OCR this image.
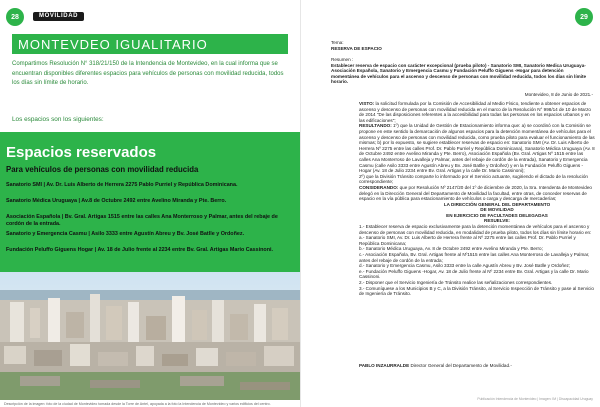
28	MOVILIDAD
MONTEVDEO IGUALITARIO
Compartimos Resolución N° 318/21/150 de la Intendencia de Montevideo, en la cual informa que se encuentran disponibles diferentes espacios para vehículos de personas con movilidad reducida, todos los días sin límite de horario.
Los espacios son los siguientes:
Espacios reservados
Para vehículos de personas con movilidad reducida
Sanatorio SMI | Av. Dr. Luis Alberto de Herrera 2275 Pablo Purriel y República Dominicana.
Sanatorio Médica Uruguaya | Av.8 de Octubre 2492 entre Avelino Miranda y Pte. Berro.
Asociación Española | Bv. Gral. Artigas 1515 entre las calles Ana Monterroso y Palmar, antes del rebaje de cordón de la entrada.
Sanatorio y Emergencia Casmu | Asilo 3333 entre Agustín Abreu y Bv. José Batlle y Ordoñez.
Fundación Peluffo Giguens Hogar | Av. 18 de Julio frente al 2234 entre Bv. Gral. Artigas Mario Cassinoni.
Descripción de la imagen: foto de la ciudad de Montevideo tomada desde la Torre de Antel, apoyada a la foto la Intendencia de Montevideo y varios edificios del centro.
29
Tema:
RESERVA DE ESPACIO
Resumen :
Establecer reserva de espacio con carácter excepcional (prueba piloto) - Sanatorio SMI, Sanatorio Medica Uruguaya- Asociación Española, Sanatorio y Emergencia Casmu y Fundación Peluffo Giguens -Hogar para detención momentánea de vehículos para el ascenso y descenso de personas con movilidad reducida, todos los días sin límite horario.
Montevideo, 8 de Junio de 2021.-
VISTO: la solicitud formulada por la Comisión de Accesibilidad al Medio Físico, tendiente a obtener espacios de ascenso y descenso de personas con movilidad reducida en el marco de la Resolución N° 998/14 de 10 de Marzo de 2014 "De las disposiciones referentes a la accesibilidad para todas las personas en los espacios urbanos y en las edificaciones";
RESULTANDO: 1º) que la Unidad de Gestión de Estacionamiento informa que: a) se coordinó con la Comisión se propone en este sentido la demarcación de algunos espacios para la detención momentánea de vehículos para el ascenso y descenso de personas con movilidad reducida, como prueba piloto para evaluar el funcionamiento de las mismas; b) por lo expuesto, se sugiere establecer reservas de espacio en: Sanatorio SMI (Av. Dr. Luis Alberto de Herrera Nº 2275 entre las calles Prof. Dr. Pablo Purriel y República Dominicana), Sanatorio Médica Uruguaya (Av. 8 de Octubre 2492 entre Avelino Miranda y Pte. Berro), Asociación Española (Bv. Gral. Artigas Nº 1515 entre las calles Ana Monterroso de Lavalleja y Palmar, antes del rebaje de cordón de la entrada), Sanatorio y Emergencia Casmu (calle Asilo 3333 entre Agustín Abreu y Bv. José Batlle y Ordoñez) y en la Fundación Peluffo Giguens -Hogar (Av. 18 de Julio 2234 entre Bv. Gral. Artigas y la calle Dr. Mario Cassinoni);
2º) que la División Tránsito comparte lo informado por el Servicio actuante, sugiriendo el dictado de la resolución correspondiente;
CONSIDERANDO: que por Resolución Nº 2147/20 del 1º de diciembre de 2020, la Sra. Intendenta de Montevideo delegó en la Dirección General del Departamento de Movilidad la facultad, entre otras, de conceder reservas de espacio en la vía pública para estacionamiento de vehículos o carga y descarga de mercaderías;
LA DIRECCIÓN GENERAL DEL DEPARTAMENTO
DE MOVILIDAD
EN EJERCICIO DE FACULTADES DELEGADAS
RESUELVE:
1.- Establecer reserva de espacio exclusivamente para la detención momentánea de vehículos para el ascenso y descenso de personas con movilidad reducida, en modalidad de prueba piloto, todos los días sin límite horario en:
a.- Sanatorio SMI, Av. Dr. Luis Alberto de Herrera frente al Nº 2275 entre las calles Prof. Dr. Pablo Purriel y República Dominicana;
b.- Sanatorio Médica Uruguaya, Av. 8 de Octubre 2492 entre Avelino Miranda y Pte. Berro;
c.- Asociación Española, Bv. Gral. Artigas frente al Nº1515 entre las calles Ana Monterroso de Lavalleja y Palmar, antes del rebaje de cordón de la entrada;
d.- Sanatorio y Emergencia Casmu, Asilo 3333 entre la calle Agustín Abreu y Bv. José Batlle y Ordoñez;
e.- Fundación Peluffo Giguens -Hogar, Av. 18 de Julio frente al Nº 2234 entre Bv. Gral. Artigas y la calle Dr. Mario Cassinoni.
2.- Disponer que el Servicio Ingeniería de Tránsito realice las señalizaciones correspondientes.
3.- Comuníquese a los Municipios B y C, a la División Tránsito, al Servicio Inspección de Tránsito y pase al Servicio de Ingeniería de Tránsito.
PABLO INZAURRALDE Director General del Departamento de Movilidad.-
Publicación Intendencia de Montevideo | Imagen: IM | Discapacidad Uruguay
